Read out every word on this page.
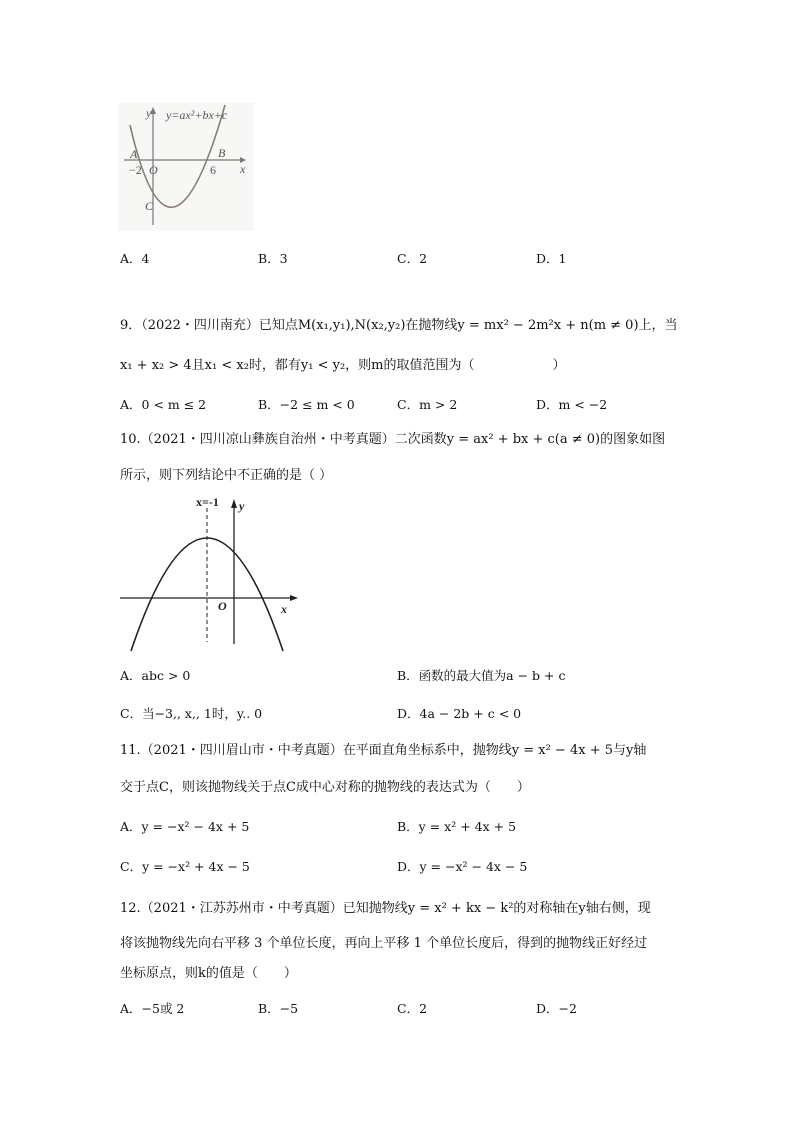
y=ax²+bx+c
y
x
A	B
C
O
−2	6
A．4	B．3	C．2	D．1
9．（2022・四川南充）已知点M(x₁,y₁),N(x₂,y₂)在抛物线y = mx² − 2m²x + n(m ≠ 0)上，当
x₁ + x₂ > 4且x₁ < x₂时，都有y₁ < y₂，则m的取值范围为（　　　　　　）
A．0 < m ≤ 2	B．−2 ≤ m < 0	C．m > 2	D．m < −2
10.（2021・四川凉山彝族自治州・中考真题）二次函数y = ax² + bx + c(a ≠ 0)的图象如图
所示，则下列结论中不正确的是（ ）
x=-1 y
x
O
A．abc > 0	B．函数的最大值为a − b + c
C．当−3,, x,, 1时，y.. 0	D．4a − 2b + c < 0
11.（2021・四川眉山市・中考真题）在平面直角坐标系中，抛物线y = x² − 4x + 5与y轴
交于点C，则该抛物线关于点C成中心对称的抛物线的表达式为（　　）
A．y = −x² − 4x + 5	B．y = x² + 4x + 5
C．y = −x² + 4x − 5	D．y = −x² − 4x − 5
12.（2021・江苏苏州市・中考真题）已知抛物线y = x² + kx − k²的对称轴在y轴右侧，现
将该抛物线先向右平移 3 个单位长度，再向上平移 1 个单位长度后，得到的抛物线正好经过
坐标原点，则k的值是（　　）
A．−5或 2	B．−5	C．2	D．−2
